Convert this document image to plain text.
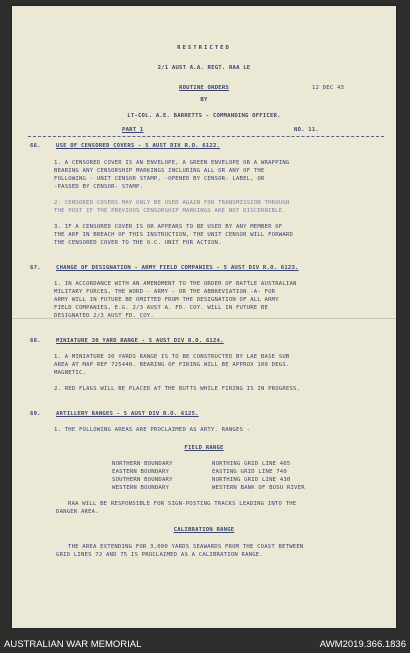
RESTRICTED
2/1 AUST A.A. REGT. RAA LE
12 DEC 43
ROUTINE ORDERS
BY
LT-COL. A.E. BARRETTS - COMMANDING OFFICER.
PART 1	NO. 11.
66.	USE OF CENSORED COVERS - 5 AUST DIV R.O. 6122.
1. A CENSORED COVER IS AN ENVELOPE, A GREEN ENVELOPE OR A WRAPPING
BEARING ANY CENSORSHIP MARKINGS INCLUDING ALL OR ANY OF THE
FOLLOWING - UNIT CENSOR STAMP, -OPENED BY CENSOR- LABEL, OR
-PASSED BY CENSOR- STAMP.
2. CENSORED COVERS MAY ONLY BE USED AGAIN FOR TRANSMISSION THROUGH
THE POST IF THE PREVIOUS CENSORSHIP MARKINGS ARE NOT DISCERNIBLE.
3. IF A CENSORED COVER IS OR APPEARS TO BE USED BY ANY MEMBER OF
THE ARF IN BREACH OF THIS INSTRUCTION, THE UNIT CENSOR WILL FORWARD
THE CENSORED COVER TO THE O.C. UNIT FOR ACTION.
67.	CHANGE OF DESIGNATION - ARMY FIELD COMPANIES - 5 AUST DIV R.O. 6123.
1. IN ACCORDANCE WITH AN AMENDMENT TO THE ORDER OF BATTLE AUSTRALIAN
MILITARY FORCES, THE WORD - ARMY - OR THE ABBREVIATION -A- FOR
ARMY WILL IN FUTURE BE OMITTED FROM THE DESIGNATION OF ALL ARMY
FIELD COMPANIES, E.G. 2/3 AUST A. FD. COY. WILL IN FUTURE BE
DESIGNATED 2/3 AUST FD. COY.
68.	MINIATURE 30 YARD RANGE - 5 AUST DIV R.O. 6124.
1. A MINIATURE 30 YARDS RANGE IS TO BE CONSTRUCTED BY LAE BASE SUB
AREA AT MAP REF 725440. BEARING OF FIRING WILL BE APPROX 100 DEGS.
MAGNETIC.
2. RED FLAGS WILL BE PLACED AT THE BUTTS WHILE FIRING IS IN PROGRESS.
69.	ARTILLERY RANGES - 5 AUST DIV R.O. 6125.
1. THE FOLLOWING AREAS ARE PROCLAIMED AS ARTY. RANGES -
FIELD RANGE
NORTHERN BOUNDARY	NORTHING GRID LINE 465
EASTERN BOUNDARY	EASTING GRID LINE 740
SOUTHERN BOUNDARY	NORTHING GRID LINE 430
WESTERN BOUNDARY	WESTERN BANK OF BUSU RIVER
RAA WILL BE RESPONSIBLE FOR SIGN-POSTING TRACKS LEADING INTO THE
DANGER AREA.
CALIBRATION RANGE
THE AREA EXTENDING FOR 3,000 YARDS SEAWARDS FROM THE COAST BETWEEN
GRID LINES 72 AND 75 IS PROCLAIMED AS A CALIBRATION RANGE.
AUSTRALIAN WAR MEMORIAL	AWM2019.366.1836
